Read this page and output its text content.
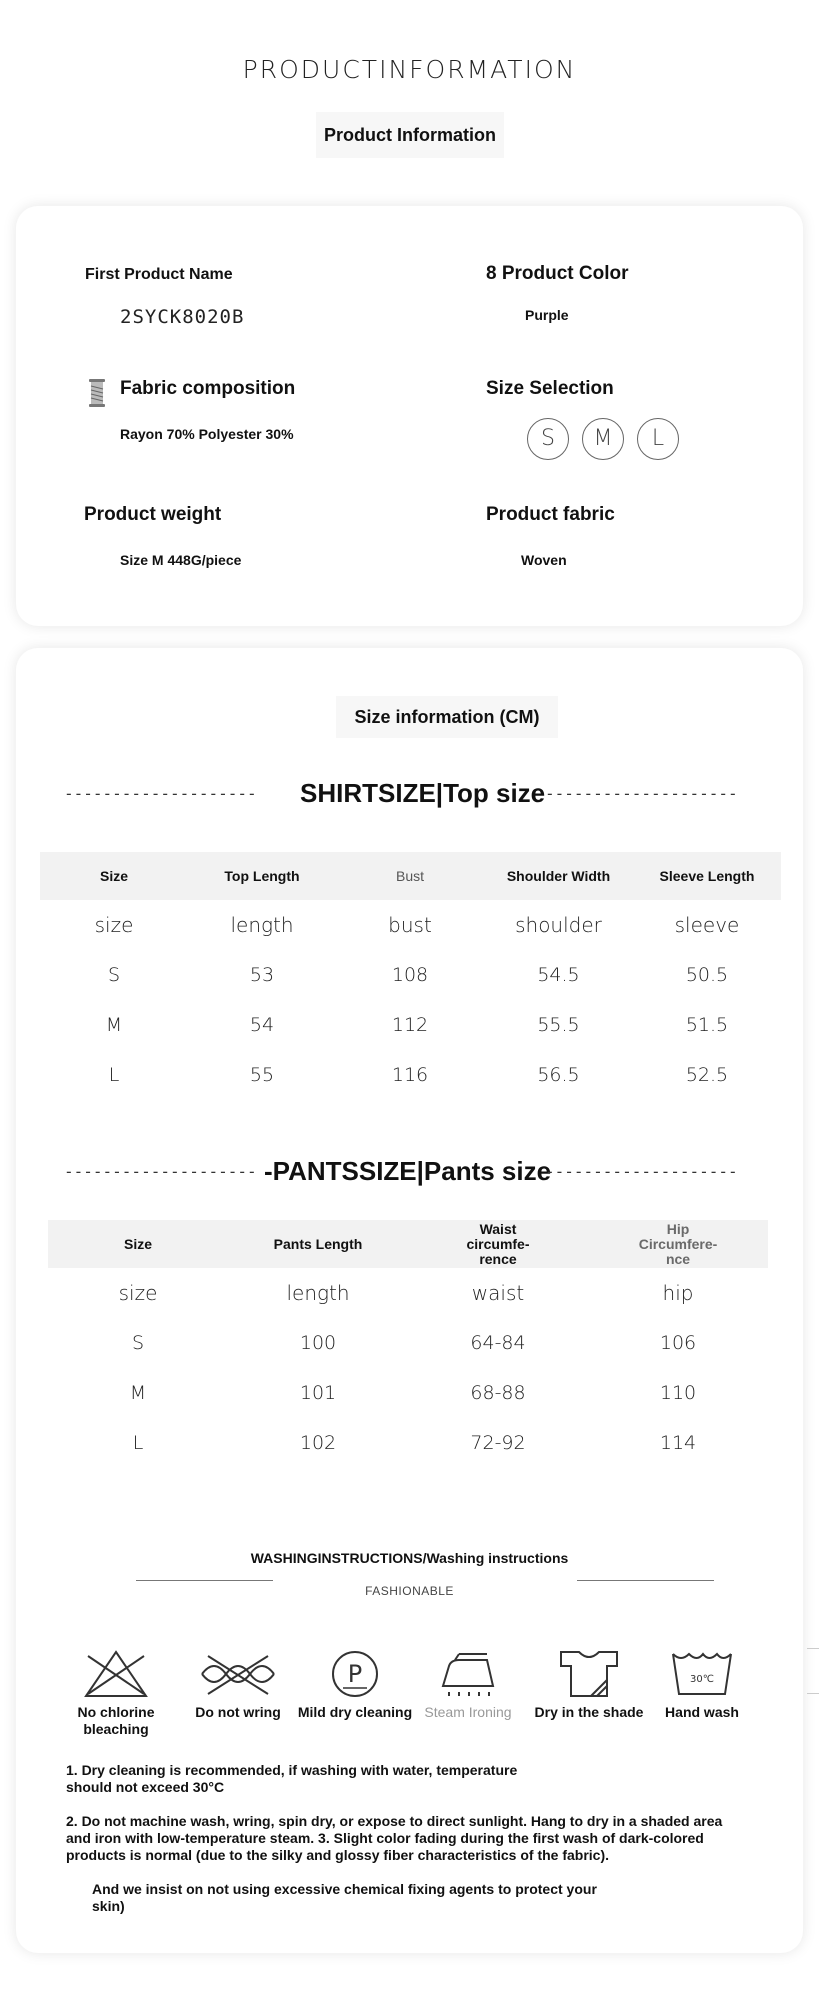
PRODUCTINFORMATION
Product Information
First Product Name
2SYCK8020B
8 Product Color
Purple
Fabric composition
Rayon 70% Polyester 30%
Size Selection
S	M	L
Product weight
Size M 448G/piece
Product fabric
Woven
Size information (CM)
-------------------- SHIRTSIZE|Top size --------------------
Size	Top Length	Bust	Shoulder Width	Sleeve Length
size	length	bust	shoulder	sleeve
S	53	108	54.5	50.5
M	54	112	55.5	51.5
L	55	116	56.5	52.5
-------------------- -PANTSSIZE|Pants size
--------------------
Size	Pants Length	Waist circumfe-rence	Hip Circumfere-nce
size	length	waist	hip
S	100	64-84	106
M	101	68-88	110
L	102	72-92	114
WASHINGINSTRUCTIONS/Washing instructions
FASHIONABLE
No chlorine bleaching
Do not wring
P
Mild dry cleaning Steam Ironing	Dry in the shade
30℃
Hand wash
1. Dry cleaning is recommended, if washing with water, temperature should not exceed 30°C
2. Do not machine wash, wring, spin dry, or expose to direct sunlight. Hang to dry in a shaded area and iron with low-temperature steam. 3. Slight color fading during the first wash of dark-colored products is normal (due to the silky and glossy fiber characteristics of the fabric).
And we insist on not using excessive chemical fixing agents to protect your skin)
